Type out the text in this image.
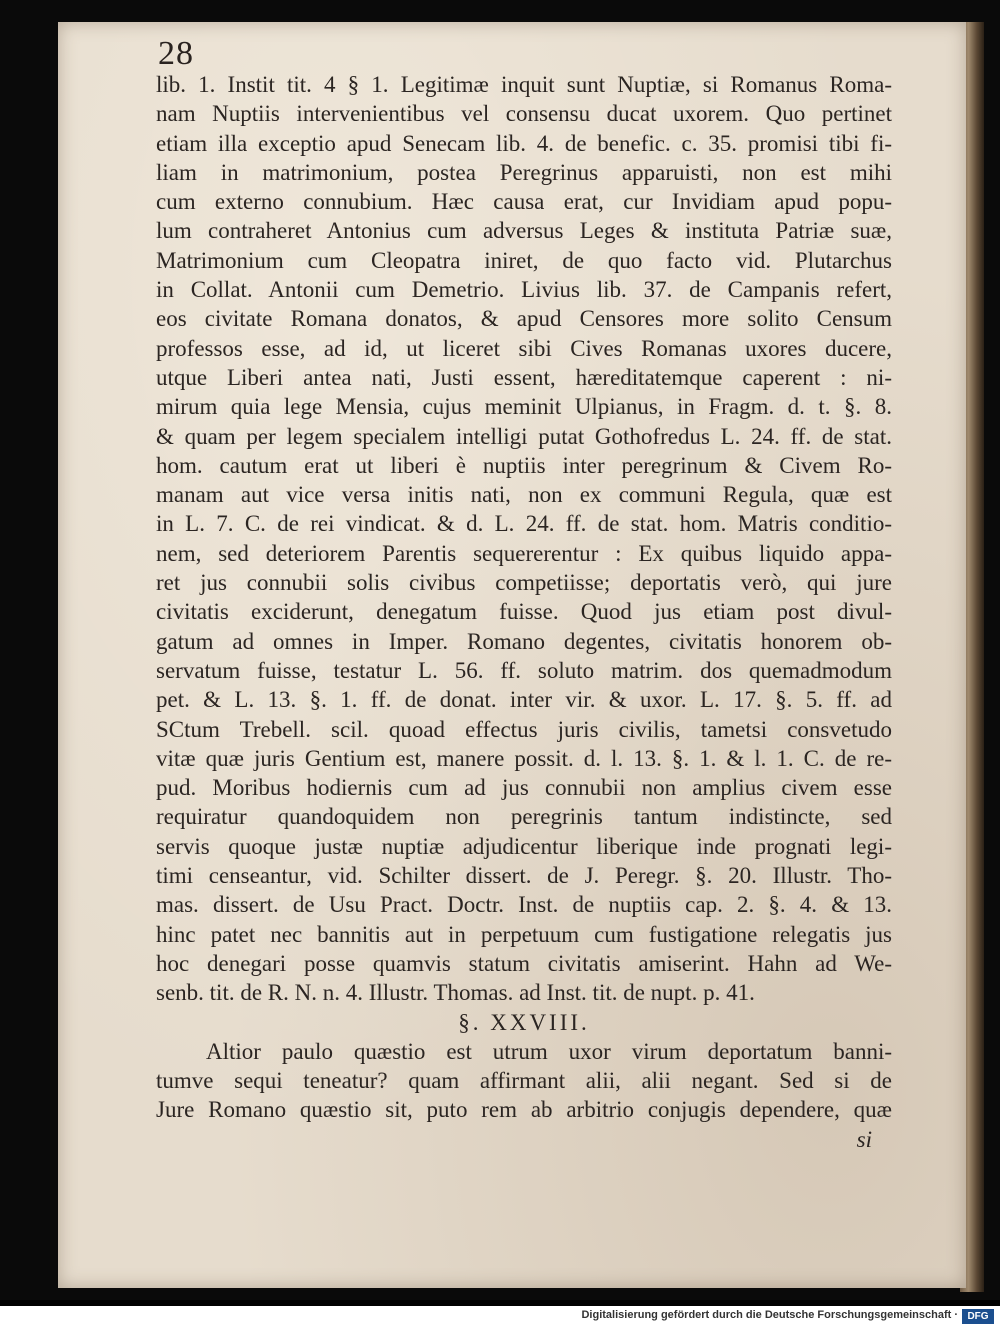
28
lib. 1. Instit tit. 4 § 1. Legitimæ inquit sunt Nuptiæ, si Romanus Roma-
nam Nuptiis intervenientibus vel consensu ducat uxorem. Quo pertinet
etiam illa exceptio apud Senecam lib. 4. de benefic. c. 35. promisi tibi fi-
liam in matrimonium, postea Peregrinus apparuisti, non est mihi
cum externo connubium. Hæc causa erat, cur Invidiam apud popu-
lum contraheret Antonius cum adversus Leges & instituta Patriæ suæ,
Matrimonium cum Cleopatra iniret, de quo facto vid. Plutarchus
in Collat. Antonii cum Demetrio. Livius lib. 37. de Campanis refert,
eos civitate Romana donatos, & apud Censores more solito Censum
professos esse, ad id, ut liceret sibi Cives Romanas uxores ducere,
utque Liberi antea nati, Justi essent, hæreditatemque caperent : ni-
mirum quia lege Mensia, cujus meminit Ulpianus, in Fragm. d. t. §. 8.
& quam per legem specialem intelligi putat Gothofredus L. 24. ff. de stat.
hom. cautum erat ut liberi è nuptiis inter peregrinum & Civem Ro-
manam aut vice versa initis nati, non ex communi Regula, quæ est
in L. 7. C. de rei vindicat. & d. L. 24. ff. de stat. hom. Matris conditio-
nem, sed deteriorem Parentis sequererentur : Ex quibus liquido appa-
ret jus connubii solis civibus competiisse; deportatis verò, qui jure
civitatis exciderunt, denegatum fuisse. Quod jus etiam post divul-
gatum ad omnes in Imper. Romano degentes, civitatis honorem ob-
servatum fuisse, testatur L. 56. ff. soluto matrim. dos quemadmodum
pet. & L. 13. §. 1. ff. de donat. inter vir. & uxor. L. 17. §. 5. ff. ad
SCtum Trebell. scil. quoad effectus juris civilis, tametsi consvetudo
vitæ quæ juris Gentium est, manere possit. d. l. 13. §. 1. & l. 1. C. de re-
pud. Moribus hodiernis cum ad jus connubii non amplius civem esse
requiratur quandoquidem non peregrinis tantum indistincte, sed
servis quoque justæ nuptiæ adjudicentur liberique inde prognati legi-
timi censeantur, vid. Schilter dissert. de J. Peregr. §. 20. Illustr. Tho-
mas. dissert. de Usu Pract. Doctr. Inst. de nuptiis cap. 2. §. 4. & 13.
hinc patet nec bannitis aut in perpetuum cum fustigatione relegatis jus
hoc denegari posse quamvis statum civitatis amiserint. Hahn ad We-
senb. tit. de R. N. n. 4. Illustr. Thomas. ad Inst. tit. de nupt. p. 41.
§. XXVIII.
Altior paulo quæstio est utrum uxor virum deportatum banni-
tumve sequi teneatur? quam affirmant alii, alii negant. Sed si de
Jure Romano quæstio sit, puto rem ab arbitrio conjugis dependere, quæ
si
Digitalisierung gefördert durch die Deutsche Forschungsgemeinschaft · DFG
